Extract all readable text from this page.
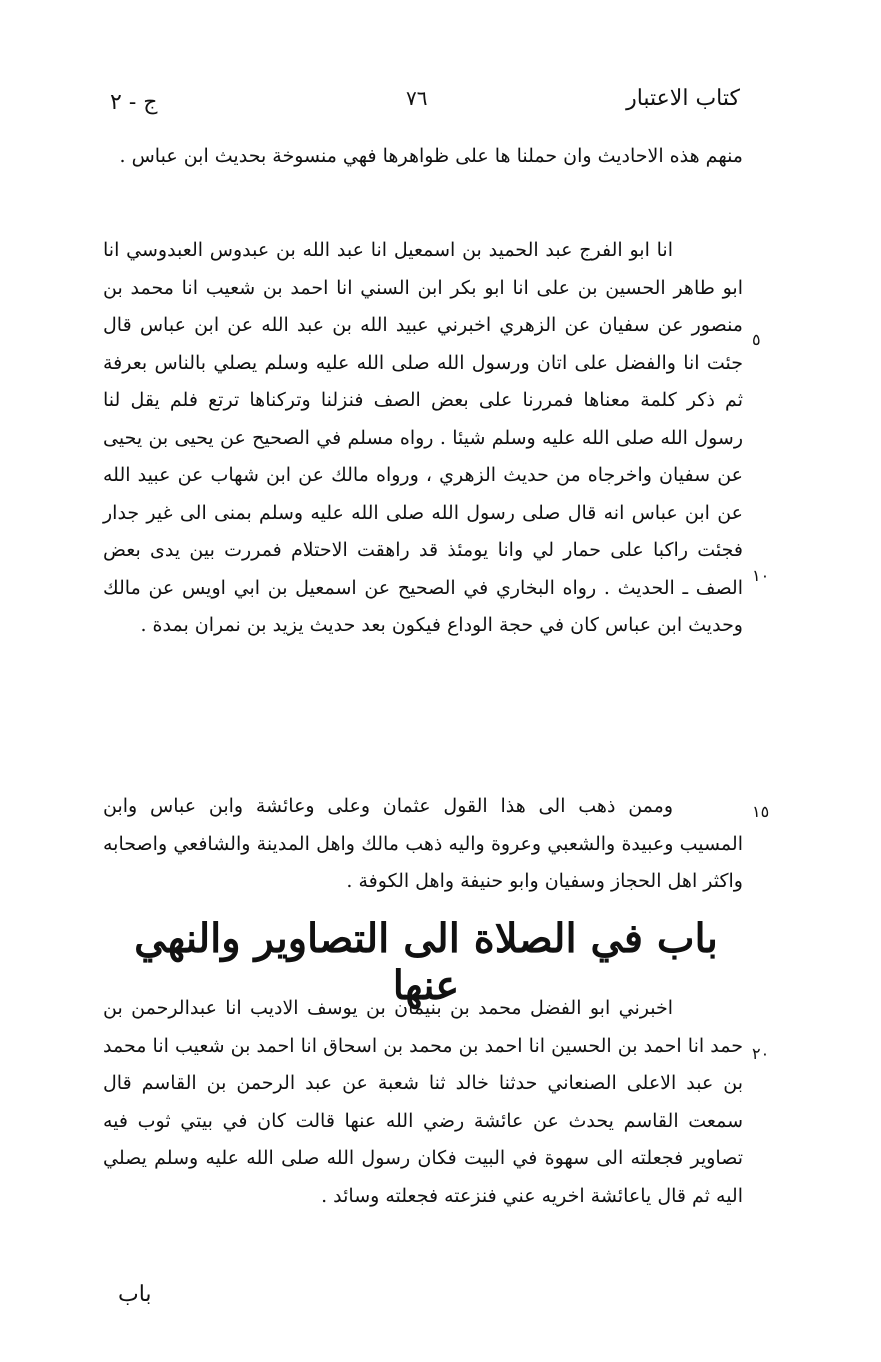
كتاب الاعتبار
٧٦
ج - ٢

منهم هذه الاحاديث وان حملنا ها على ظواهرها فهي منسوخة بحديث ابن عباس .

انا ابو الفرج عبد الحميد بن اسمعيل انا عبد الله بن عبدوس العبدوسي انا ابو طاهر الحسين بن على انا ابو بكر ابن السني انا احمد بن شعيب انا محمد بن منصور عن سفيان عن الزهري اخبرني عبيد الله بن عبد الله عن ابن عباس قال جئت انا والفضل على اتان ورسول الله صلى الله عليه وسلم يصلي بالناس بعرفة ثم ذكر كلمة معناها فمررنا على بعض الصف فنزلنا وتركناها ترتع فلم يقل لنا رسول الله صلى الله عليه وسلم شيئا . رواه مسلم في الصحيح عن يحيى بن يحيى عن سفيان واخرجاه من حديث الزهري ، ورواه مالك عن ابن شهاب عن عبيد الله عن ابن عباس انه قال صلى رسول الله صلى الله عليه وسلم بمنى الى غير جدار فجئت راكبا على حمار لي وانا يومئذ قد راهقت الاحتلام فمررت بين يدى بعض الصف ـ الحديث . رواه البخاري في الصحيح عن اسمعيل بن ابي اويس عن مالك وحديث ابن عباس كان في حجة الوداع فيكون بعد حديث يزيد بن نمران بمدة .

وممن ذهب الى هذا القول عثمان وعلى وعائشة وابن عباس وابن المسيب وعبيدة والشعبي وعروة واليه ذهب مالك واهل المدينة والشافعي واصحابه واكثر اهل الحجاز وسفيان وابو حنيفة واهل الكوفة .

باب في الصلاة الى التصاوير والنهي عنها

اخبرني ابو الفضل محمد بن بنيمان بن يوسف الاديب انا عبدالرحمن بن حمد انا احمد بن الحسين انا احمد بن محمد بن اسحاق انا احمد بن شعيب انا محمد بن عبد الاعلى الصنعاني حدثنا خالد ثنا شعبة عن عبد الرحمن بن القاسم قال سمعت القاسم يحدث عن عائشة رضي الله عنها قالت كان في بيتي ثوب فيه تصاوير فجعلته الى سهوة في البيت فكان رسول الله صلى الله عليه وسلم يصلي اليه ثم قال ياعائشة اخريه عني فنزعته فجعلته وسائد .

٥
١٠
١٥
٢٠
باب
